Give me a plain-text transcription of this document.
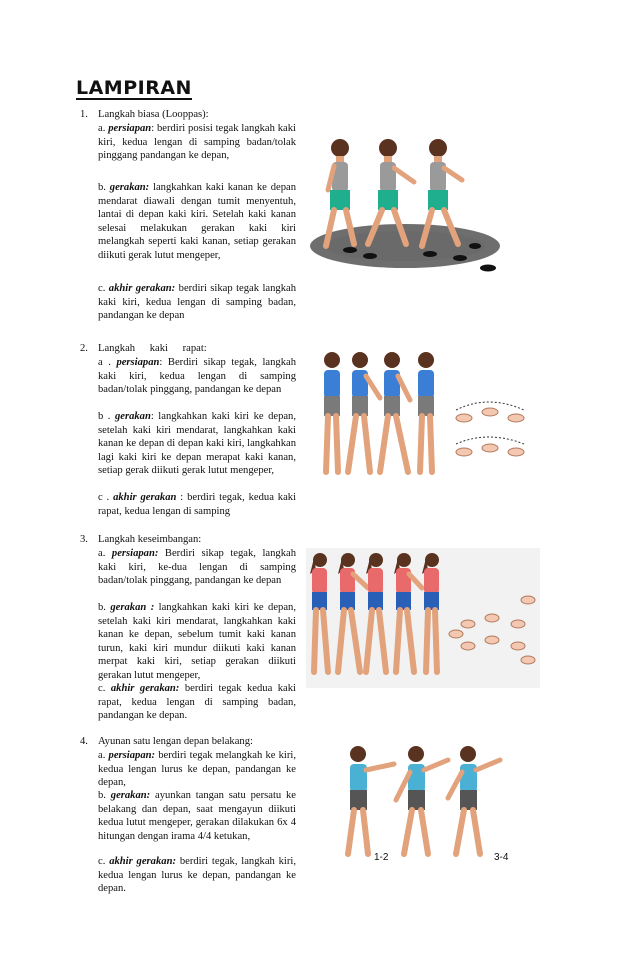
LAMPIRAN
1. Langkah biasa (Looppas):

a. persiapan: berdiri posisi tegak langkah kaki kiri, kedua lengan di samping badan/tolak pinggang pandangan ke depan,

b. gerakan: langkahkan kaki kanan ke depan mendarat diawali dengan tumit menyentuh, lantai di depan kaki kiri. Setelah kaki kanan selesai melakukan gerakan kaki kiri melangkah seperti kaki kanan, setiap gerakan diikuti gerak lutut mengeper,

c. akhir gerakan: berdiri sikap tegak langkah kaki kiri, kedua lengan di samping badan, pandangan ke depan

2. Langkah kaki rapat:

a . persiapan: Berdiri sikap tegak, langkah kaki kiri, kedua lengan di samping badan/tolak pinggang, pandangan ke depan

b . gerakan: langkahkan kaki kiri ke depan, setelah kaki kiri mendarat, langkahkan kaki kanan ke depan di depan kaki kiri, langkahkan lagi kaki kiri ke depan merapat kaki kanan, setiap gerak diikuti gerak lutut mengeper,

c . akhir gerakan : berdiri tegak, kedua kaki rapat, kedua lengan di samping

3. Langkah keseimbangan:

a. persiapan: Berdiri sikap tegak, langkah kaki kiri, ke-dua lengan di samping badan/tolak pinggang, pandangan ke depan

b. gerakan : langkahkan kaki kiri ke depan, setelah kaki kiri mendarat, langkahkan kaki kanan ke depan, sebelum tumit kaki kanan turun, kaki kiri mundur diikuti kaki kanan merpat kaki kiri, setiap gerakan diikuti gerakan lutut mengeper,

c. akhir gerakan: berdiri tegak kedua kaki rapat, kedua lengan di samping badan, pandangan ke depan.

4. Ayunan satu lengan depan belakang:

a. persiapan: berdiri tegak melangkah ke kiri, kedua lengan lurus ke depan, pandangan ke depan,

b. gerakan: ayunkan tangan satu persatu ke belakang dan depan, saat mengayun diikuti kedua lutut mengeper, gerakan dilakukan 6x 4 hitungan dengan irama 4/4 ketukan,

c. akhir gerakan: berdiri tegak, langkah kiri, kedua lengan lurus ke depan, pandangan ke depan.

1-2	3-4
